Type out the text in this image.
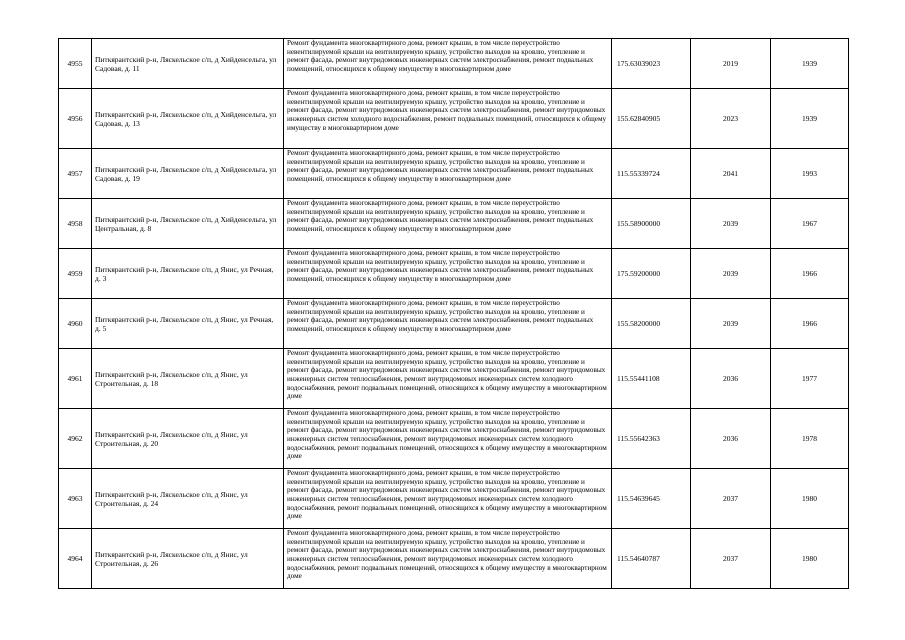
4955	Питкярантский р-н, Ляскельское с/п, д Хийденсельга, ул Садовая, д. 11	Ремонт фундамента многоквартирного дома, ремонт крыши, в том числе переустройство невентилируемой крыши на вентилируемую крышу, устройство выходов на кровлю, утепление и ремонт фасада, ремонт внутридомовых инженерных систем электроснабжения, ремонт подвальных помещений, относящихся к общему имуществу в многоквартирном доме	175.63039023	2019	1939
4956	Питкярантский р-н, Ляскельское с/п, д Хийденсельга, ул Садовая, д. 13	Ремонт фундамента многоквартирного дома, ремонт крыши, в том числе переустройство невентилируемой крыши на вентилируемую крышу, устройство выходов на кровлю, утепление и ремонт фасада, ремонт внутридомовых инженерных систем электроснабжения, ремонт внутридомовых инженерных систем холодного водоснабжения, ремонт подвальных помещений, относящихся к общему имуществу в многоквартирном доме	155.62840905	2023	1939
4957	Питкярантский р-н, Ляскельское с/п, д Хийденсельга, ул Садовая, д. 19	Ремонт фундамента многоквартирного дома, ремонт крыши, в том числе переустройство невентилируемой крыши на вентилируемую крышу, устройство выходов на кровлю, утепление и ремонт фасада, ремонт внутридомовых инженерных систем электроснабжения, ремонт подвальных помещений, относящихся к общему имуществу в многоквартирном доме	115.55339724	2041	1993
4958	Питкярантский р-н, Ляскельское с/п, д Хийденсельга, ул Центральная, д. 8	Ремонт фундамента многоквартирного дома, ремонт крыши, в том числе переустройство невентилируемой крыши на вентилируемую крышу, устройство выходов на кровлю, утепление и ремонт фасада, ремонт внутридомовых инженерных систем электроснабжения, ремонт подвальных помещений, относящихся к общему имуществу в многоквартирном доме	155.58900000	2039	1967
4959	Питкярантский р-н, Ляскельское с/п, д Янис, ул Речная, д. 3	Ремонт фундамента многоквартирного дома, ремонт крыши, в том числе переустройство невентилируемой крыши на вентилируемую крышу, устройство выходов на кровлю, утепление и ремонт фасада, ремонт внутридомовых инженерных систем электроснабжения, ремонт подвальных помещений, относящихся к общему имуществу в многоквартирном доме	175.59200000	2039	1966
4960	Питкярантский р-н, Ляскельское с/п, д Янис, ул Речная, д. 5	Ремонт фундамента многоквартирного дома, ремонт крыши, в том числе переустройство невентилируемой крыши на вентилируемую крышу, устройство выходов на кровлю, утепление и ремонт фасада, ремонт внутридомовых инженерных систем электроснабжения, ремонт подвальных помещений, относящихся к общему имуществу в многоквартирном доме	155.58200000	2039	1966
4961	Питкярантский р-н, Ляскельское с/п, д Янис, ул Строительная, д. 18	Ремонт фундамента многоквартирного дома, ремонт крыши, в том числе переустройство невентилируемой крыши на вентилируемую крышу, устройство выходов на кровлю, утепление и ремонт фасада, ремонт внутридомовых инженерных систем электроснабжения, ремонт внутридомовых инженерных систем теплоснабжения, ремонт внутридомовых инженерных систем холодного водоснабжения, ремонт подвальных помещений, относящихся к общему имуществу в многоквартирном доме	115.55441108	2036	1977
4962	Питкярантский р-н, Ляскельское с/п, д Янис, ул Строительная, д. 20	Ремонт фундамента многоквартирного дома, ремонт крыши, в том числе переустройство невентилируемой крыши на вентилируемую крышу, устройство выходов на кровлю, утепление и ремонт фасада, ремонт внутридомовых инженерных систем электроснабжения, ремонт внутридомовых инженерных систем теплоснабжения, ремонт внутридомовых инженерных систем холодного водоснабжения, ремонт подвальных помещений, относящихся к общему имуществу в многоквартирном доме	115.55642363	2036	1978
4963	Питкярантский р-н, Ляскельское с/п, д Янис, ул Строительная, д. 24	Ремонт фундамента многоквартирного дома, ремонт крыши, в том числе переустройство невентилируемой крыши на вентилируемую крышу, устройство выходов на кровлю, утепление и ремонт фасада, ремонт внутридомовых инженерных систем электроснабжения, ремонт внутридомовых инженерных систем теплоснабжения, ремонт внутридомовых инженерных систем холодного водоснабжения, ремонт подвальных помещений, относящихся к общему имуществу в многоквартирном доме	115.54639645	2037	1980
4964	Питкярантский р-н, Ляскельское с/п, д Янис, ул Строительная, д. 26	Ремонт фундамента многоквартирного дома, ремонт крыши, в том числе переустройство невентилируемой крыши на вентилируемую крышу, устройство выходов на кровлю, утепление и ремонт фасада, ремонт внутридомовых инженерных систем электроснабжения, ремонт внутридомовых инженерных систем теплоснабжения, ремонт внутридомовых инженерных систем холодного водоснабжения, ремонт подвальных помещений, относящихся к общему имуществу в многоквартирном доме	115.54640787	2037	1980
